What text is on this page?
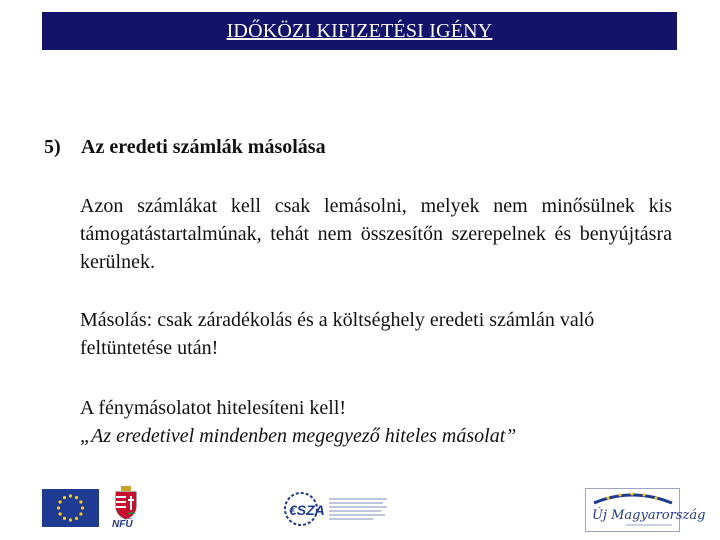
IDŐKÖZI KIFIZETÉSI IGÉNY
5) Az eredeti számlák másolása
Azon számlákat kell csak lemásolni, melyek nem minősülnek kis támogatástartalmúnak, tehát nem összesítőn szerepelnek és benyújtásra kerülnek.
Másolás: csak záradékolás és a költséghely eredeti számlán való feltüntetése után!
A fénymásolatot hitelesíteni kell!
„Az eredetivel mindenben megegyező hiteles másolat”
NFÜ
€SZA	Új Magyarország
